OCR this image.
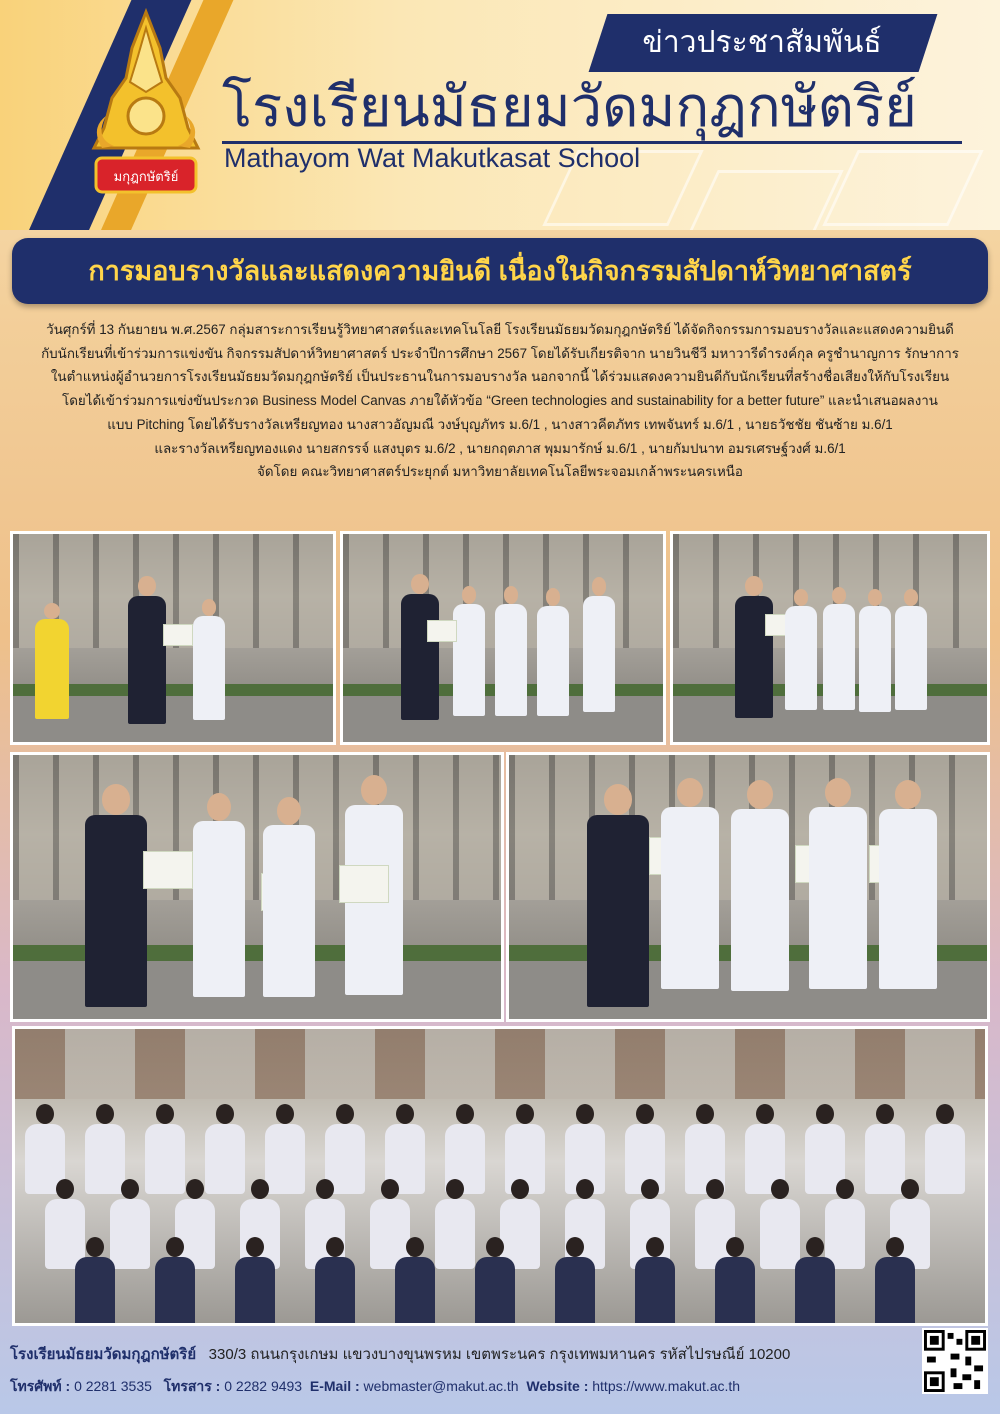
มกุฎกษัตริย์
ข่าวประชาสัมพันธ์
โรงเรียนมัธยมวัดมกุฎกษัตริย์
Mathayom Wat Makutkasat School
การมอบรางวัลและแสดงความยินดี เนื่องในกิจกรรมสัปดาห์วิทยาศาสตร์

วันศุกร์ที่ 13 กันยายน พ.ศ.2567 กลุ่มสาระการเรียนรู้วิทยาศาสตร์และเทคโนโลยี โรงเรียนมัธยมวัดมกุฎกษัตริย์ ได้จัดกิจกรรมการมอบรางวัลและแสดงความยินดี

กับนักเรียนที่เข้าร่วมการแข่งขัน กิจกรรมสัปดาห์วิทยาศาสตร์ ประจำปีการศึกษา 2567 โดยได้รับเกียรติจาก นายวินชีวี มหาวารีดำรงค์กุล ครูชำนาญการ รักษาการ

ในตำแหน่งผู้อำนวยการโรงเรียนมัธยมวัดมกุฎกษัตริย์ เป็นประธานในการมอบรางวัล นอกจากนี้ ได้ร่วมแสดงความยินดีกับนักเรียนที่สร้างชื่อเสียงให้กับโรงเรียน

โดยได้เข้าร่วมการแข่งขันประกวด Business Model Canvas ภายใต้หัวข้อ “Green technologies and sustainability for a better future” และนำเสนอผลงาน

แบบ Pitching โดยได้รับรางวัลเหรียญทอง นางสาวอัญมณี วงษ์บุญภัทร ม.6/1 , นางสาวคีตภัทร เทพจันทร์ ม.6/1 , นายธวัชชัย ชันซ้าย ม.6/1

และรางวัลเหรียญทองแดง นายสกรรจ์ แสงบุตร ม.6/2 , นายกฤตภาส พุมมารักษ์ ม.6/1 , นายกัมปนาท อมรเศรษฐ์วงศ์ ม.6/1

จัดโดย คณะวิทยาศาสตร์ประยุกต์ มหาวิทยาลัยเทคโนโลยีพระจอมเกล้าพระนครเหนือ

โรงเรียนมัธยมวัดมกุฎกษัตริย์ 330/3 ถนนกรุงเกษม แขวงบางขุนพรหม เขตพระนคร กรุงเทพมหานคร รหัสไปรษณีย์ 10200
โทรศัพท์ : 0 2281 3535 โทรสาร : 0 2282 9493 E-Mail : webmaster@makut.ac.th Website : https://www.makut.ac.th
